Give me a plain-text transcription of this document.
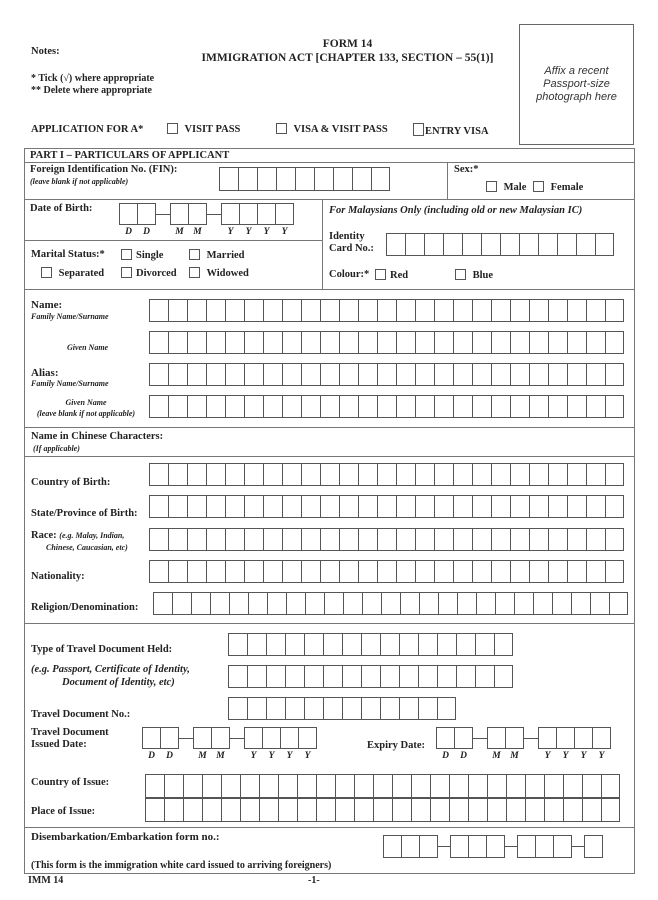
Notes:
FORM 14
IMMIGRATION ACT [CHAPTER 133, SECTION – 55(1)]
* Tick (√) where appropriate
** Delete where appropriate
Affix a recent
Passport-size
photograph here
APPLICATION FOR A*	VISIT PASS	VISA & VISIT PASS	ENTRY VISA
PART I – PARTICULARS OF APPLICANT
Foreign Identification No. (FIN):
(leave blank if not applicable)
Sex:*
Male	Female
Date of Birth:
D	D	M	M	Y	Y	Y	Y
For Malaysians Only (including old or new Malaysian IC)
Identity
Card No.:
Marital Status:*	Single	Married
Separated	Divorced	Widowed	Colour:*	Red	Blue
Name:
Family Name/Surname
Given Name
Alias:
Family Name/Surname
Given Name
(leave blank if not applicable)
Name in Chinese Characters:
(If applicable)
Country of Birth:
State/Province of Birth:
Race: (e.g. Malay, Indian,
Chinese, Caucasian, etc)
Nationality:
Religion/Denomination:
Type of Travel Document Held:
(e.g. Passport, Certificate of Identity,
Document of Identity, etc)
Travel Document No.:
Travel Document
Issued Date:
D	D	M	M	Y	Y	Y	Y
Expiry Date:
D	D	M	M	Y	Y	Y	Y
Country of Issue:
Place of Issue:
Disembarkation/Embarkation form no.:
(This form is the immigration white card issued to arriving foreigners)
IMM 14	-1-
